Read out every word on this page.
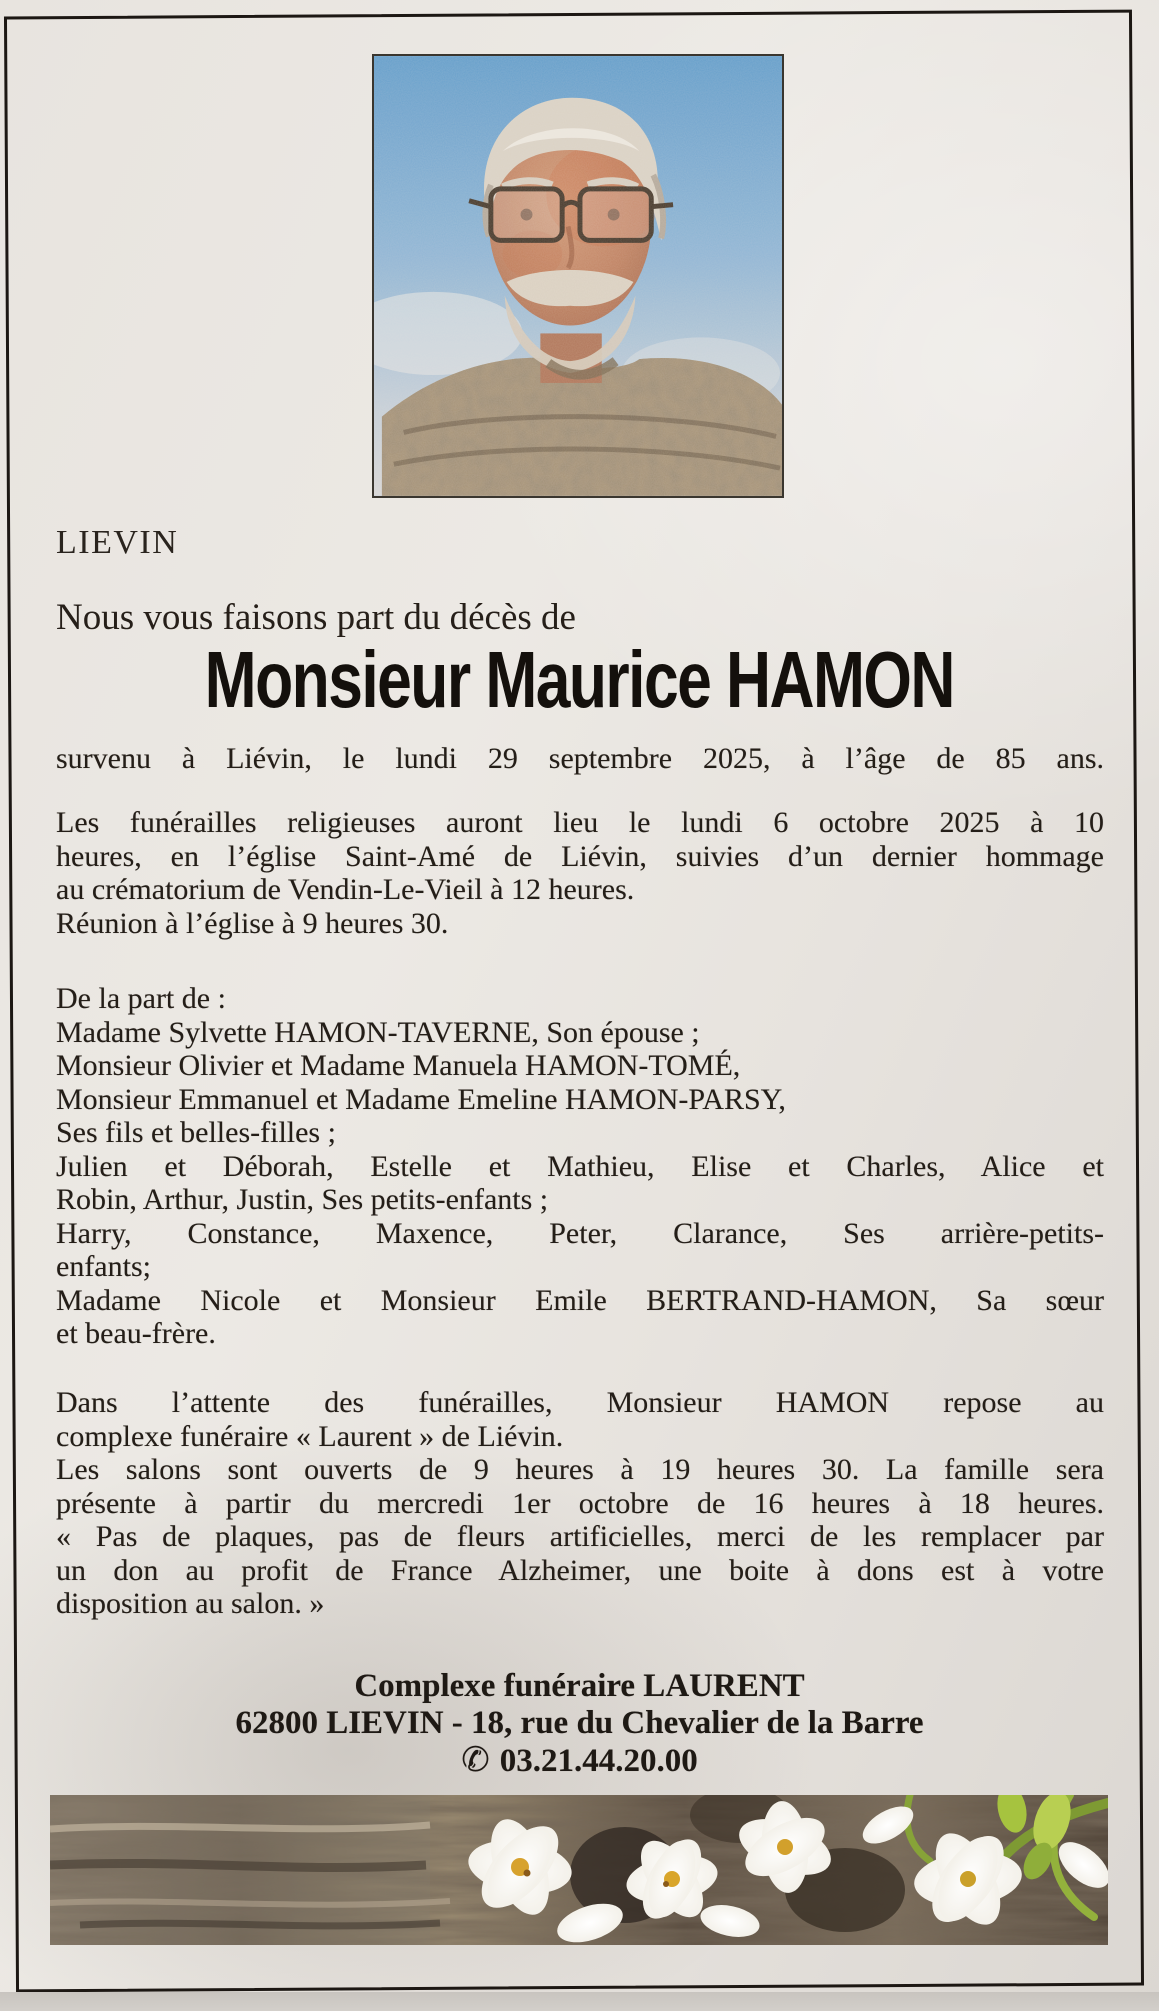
LIEVIN
Nous vous faisons part du décès de
Monsieur Maurice HAMON
survenu à Liévin, le lundi 29 septembre 2025, à l’âge de 85 ans.
Les funérailles religieuses auront lieu le lundi 6 octobre 2025 à 10
heures, en l’église Saint-Amé de Liévin, suivies d’un dernier hommage
au crématorium de Vendin-Le-Vieil à 12 heures.
Réunion à l’église à 9 heures 30.
De la part de :
Madame Sylvette HAMON-TAVERNE, Son épouse ;
Monsieur Olivier et Madame Manuela HAMON-TOMÉ,
Monsieur Emmanuel et Madame Emeline HAMON-PARSY,
Ses fils et belles-filles ;
Julien et Déborah, Estelle et Mathieu, Elise et Charles, Alice et
Robin, Arthur, Justin, Ses petits-enfants ;
Harry, Constance, Maxence, Peter, Clarance, Ses arrière-petits-
enfants;
Madame Nicole et Monsieur Emile BERTRAND-HAMON, Sa sœur
et beau-frère.
Dans l’attente des funérailles, Monsieur HAMON repose au
complexe funéraire « Laurent » de Liévin.
Les salons sont ouverts de 9 heures à 19 heures 30. La famille sera
présente à partir du mercredi 1er octobre de 16 heures à 18 heures.
« Pas de plaques, pas de fleurs artificielles, merci de les remplacer par
un don au profit de France Alzheimer, une boite à dons est à votre
disposition au salon. »
Complexe funéraire LAURENT
62800 LIEVIN - 18, rue du Chevalier de la Barre
✆ 03.21.44.20.00
